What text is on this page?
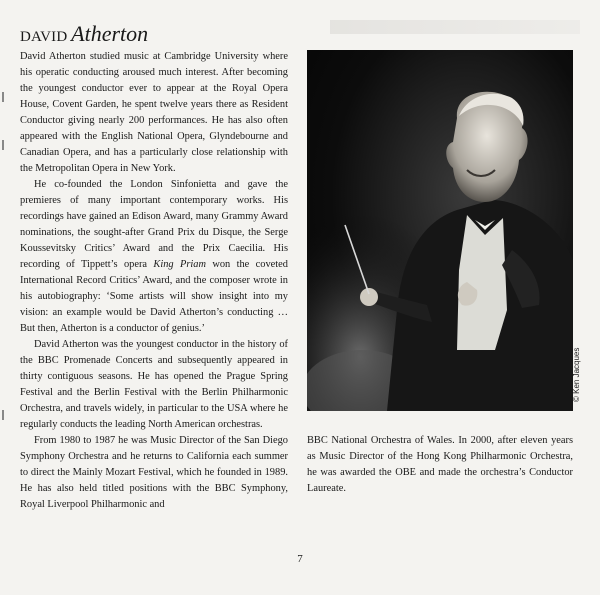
DAVID Atherton

David Atherton studied music at Cambridge University where his operatic conducting aroused much interest. After becoming the youngest conductor ever to appear at the Royal Opera House, Covent Garden, he spent twelve years there as Resident Conductor giving nearly 200 performances. He has also often appeared with the English National Opera, Glyndebourne and Canadian Opera, and has a particularly close relationship with the Metropolitan Opera in New York.

He co-founded the London Sinfonietta and gave the premieres of many important contemporary works. His recordings have gained an Edison Award, many Grammy Award nominations, the sought-after Grand Prix du Disque, the Serge Koussevitsky Critics’ Award and the Prix Caecilia. His recording of Tippett’s opera King Priam won the coveted International Record Critics’ Award, and the composer wrote in his autobiography: ‘Some artists will show insight into my vision: an example would be David Atherton’s conducting … But then, Atherton is a conductor of genius.’

David Atherton was the youngest conductor in the history of the BBC Promenade Concerts and subsequently appeared in thirty contiguous seasons. He has opened the Prague Spring Festival and the Berlin Festival with the Berlin Philharmonic Orchestra, and travels widely, in particular to the USA where he regularly conducts the leading North American orchestras.

From 1980 to 1987 he was Music Director of the San Diego Symphony Orchestra and he returns to California each summer to direct the Mainly Mozart Festival, which he founded in 1989. He has also held titled positions with the BBC Symphony, Royal Liverpool Philharmonic and

© Ken Jacques

BBC National Orchestra of Wales. In 2000, after eleven years as Music Director of the Hong Kong Philharmonic Orchestra, he was awarded the OBE and made the orchestra’s Conductor Laureate.

7
